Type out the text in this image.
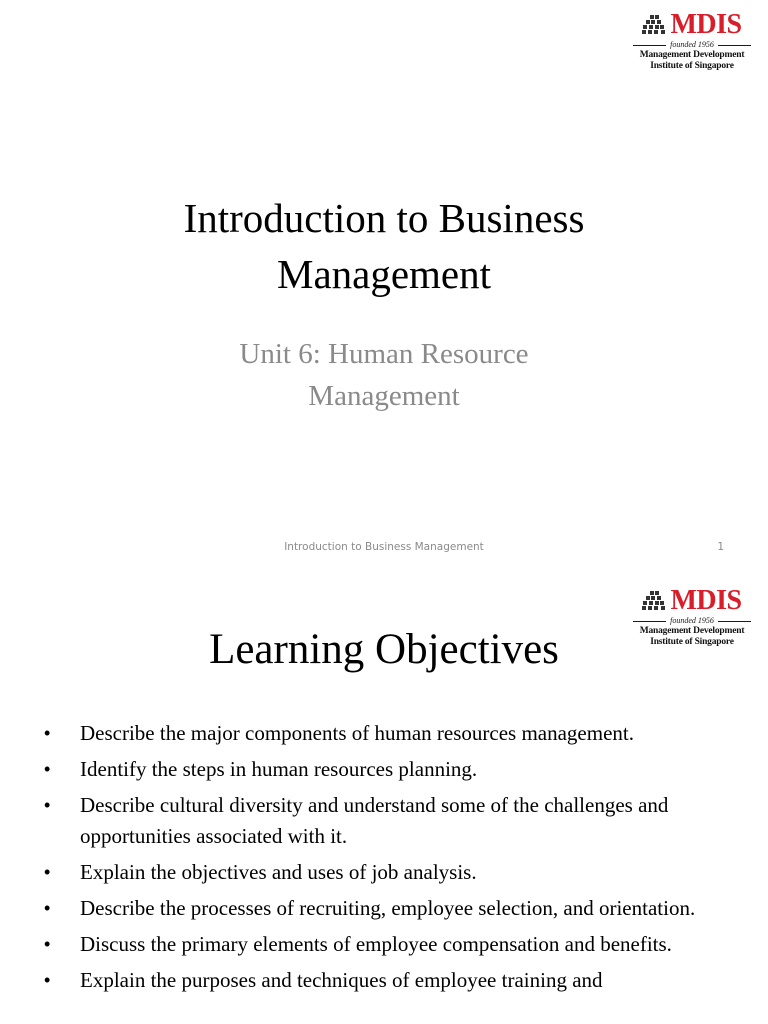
MDIS
founded 1956
Management Development
Institute of Singapore
Introduction to Business
Management
Unit 6: Human Resource
Management
Introduction to Business Management	1
MDIS
founded 1956
Management Development
Institute of Singapore
Learning Objectives
• Describe the major components of human resources management.
• Identify the steps in human resources planning.
• Describe cultural diversity and understand some of the challenges and opportunities associated with it.
• Explain the objectives and uses of job analysis.
• Describe the processes of recruiting, employee selection, and orientation.
• Discuss the primary elements of employee compensation and benefits.
• Explain the purposes and techniques of employee training and
